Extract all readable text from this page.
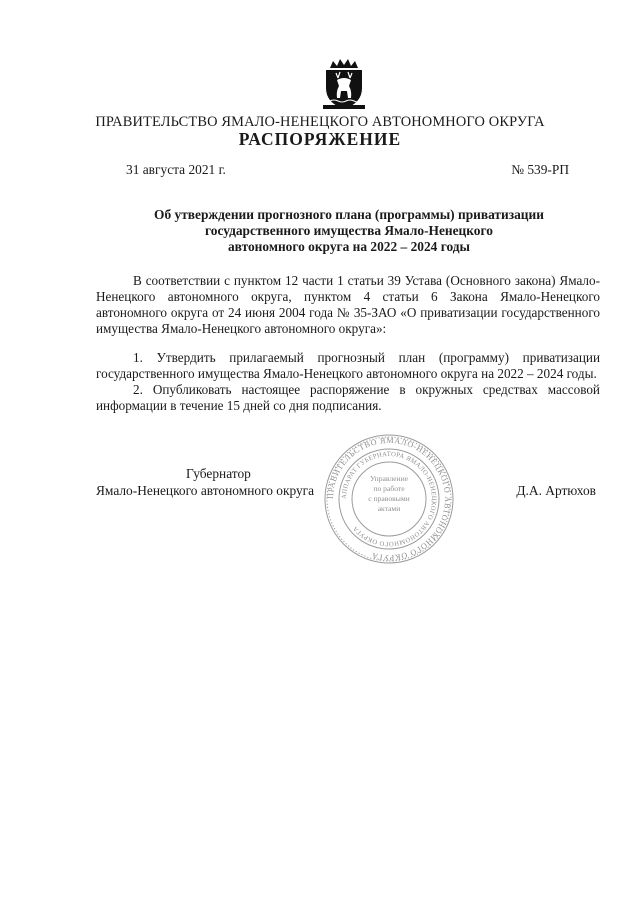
ПРАВИТЕЛЬСТВО ЯМАЛО-НЕНЕЦКОГО АВТОНОМНОГО ОКРУГА
РАСПОРЯЖЕНИЕ
31 августа 2021 г.	№ 539-РП
Об утверждении прогнозного плана (программы) приватизации
государственного имущества Ямало-Ненецкого
автономного округа на 2022 – 2024 годы

В соответствии с пунктом 12 части 1 статьи 39 Устава (Основного закона) Ямало-Ненецкого автономного округа, пунктом 4 статьи 6 Закона Ямало-Ненецкого автономного округа от 24 июня 2004 года № 35-ЗАО «О приватизации государственного имущества Ямало-Ненецкого автономного округа»:

1. Утвердить прилагаемый прогнозный план (программу) приватизации государственного имущества Ямало-Ненецкого автономного округа на 2022 – 2024 годы.

2. Опубликовать настоящее распоряжение в окружных средствах массовой информации в течение 15 дней со дня подписания.

Губернатор
Ямало-Ненецкого автономного округа	Д.А. Артюхов
ПРАВИТЕЛЬСТВО ЯМАЛО-НЕНЕЦКОГО АВТОНОМНОГО ОКРУГА
АППАРАТ ГУБЕРНАТОРА ЯМАЛО-НЕНЕЦКОГО АВТОНОМНОГО ОКРУГА
Управление
по работе
с правовыми
актами
